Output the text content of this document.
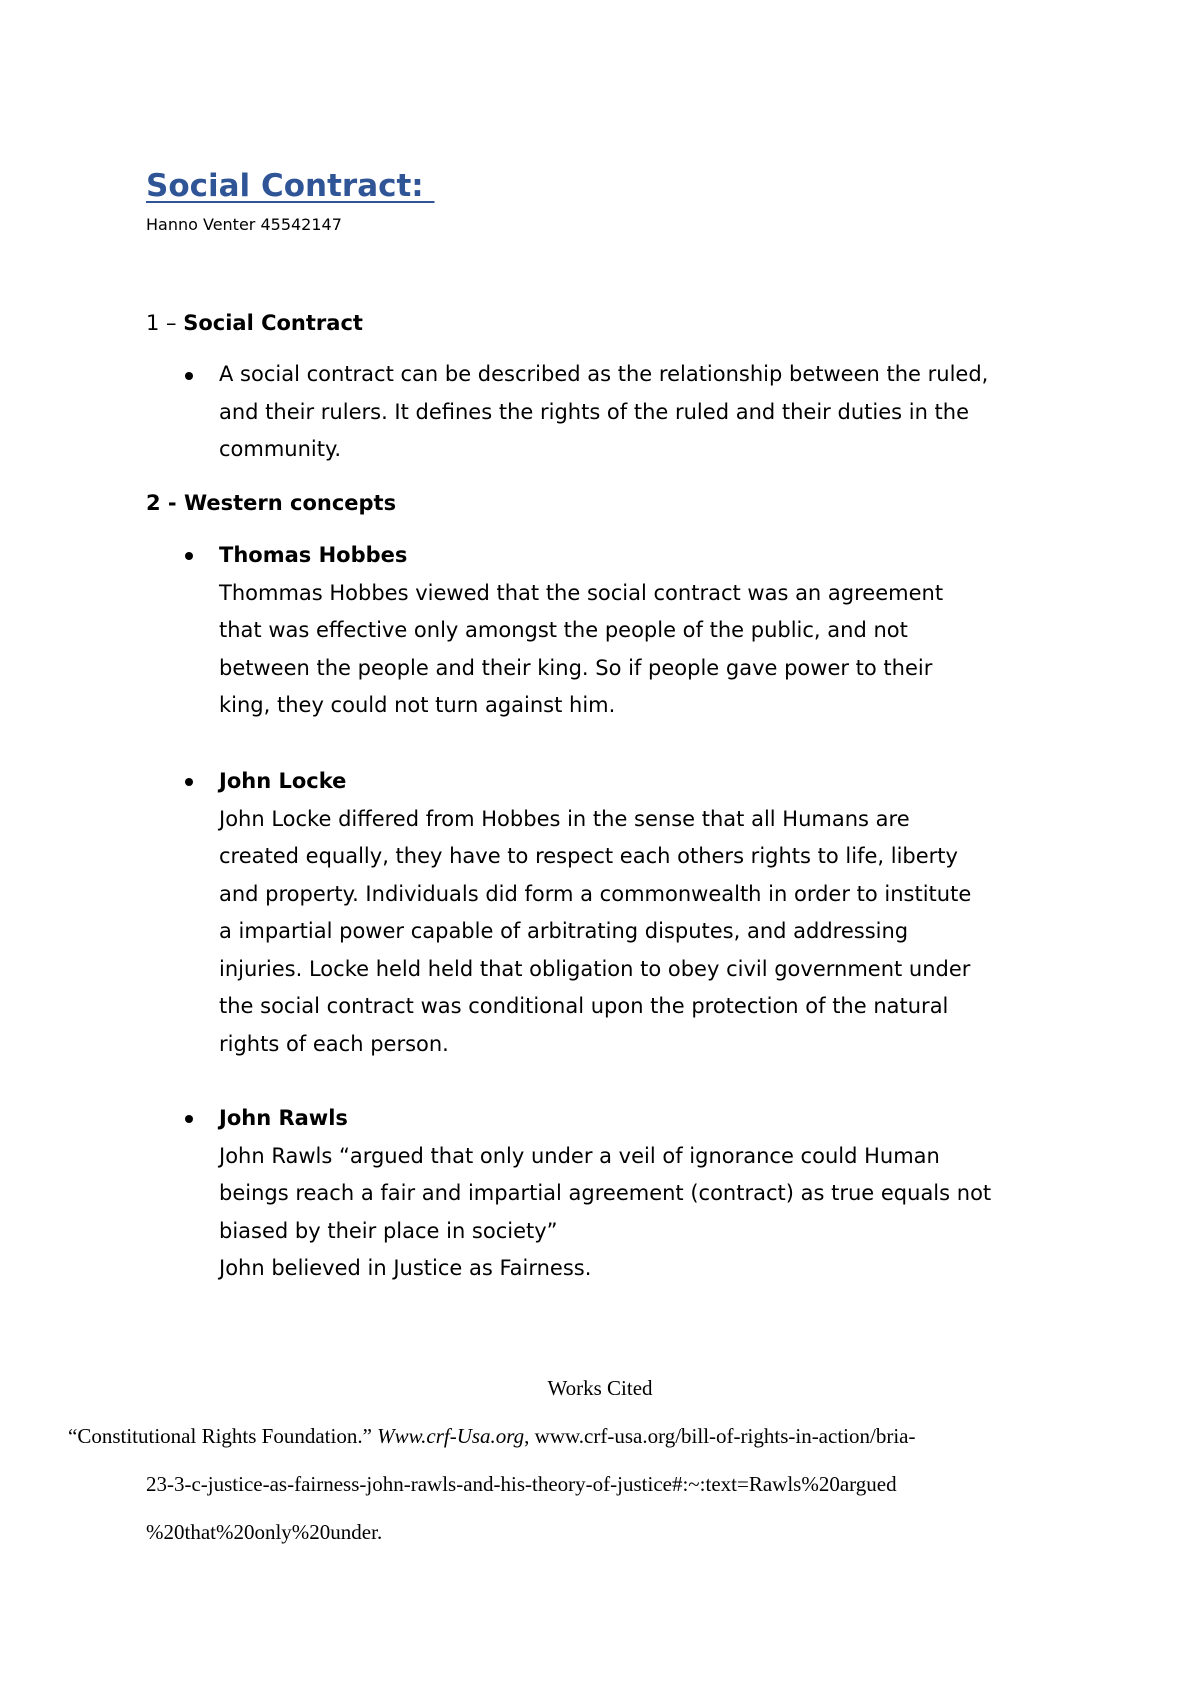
Social Contract:
Hanno Venter 45542147
1 – Social Contract
A social contract can be described as the relationship between the ruled,
and their rulers. It defines the rights of the ruled and their duties in the
community.
2 - Western concepts
Thomas Hobbes
Thommas Hobbes viewed that the social contract was an agreement
that was effective only amongst the people of the public, and not
between the people and their king. So if people gave power to their
king, they could not turn against him.
John Locke
John Locke differed from Hobbes in the sense that all Humans are
created equally, they have to respect each others rights to life, liberty
and property. Individuals did form a commonwealth in order to institute
a impartial power capable of arbitrating disputes, and addressing
injuries. Locke held held that obligation to obey civil government under
the social contract was conditional upon the protection of the natural
rights of each person.
John Rawls
John Rawls “argued that only under a veil of ignorance could Human
beings reach a fair and impartial agreement (contract) as true equals not
biased by their place in society”
John believed in Justice as Fairness.
Works Cited
“Constitutional Rights Foundation.” Www.crf-Usa.org, www.crf-usa.org/bill-of-rights-in-action/bria-
23-3-c-justice-as-fairness-john-rawls-and-his-theory-of-justice#:~:text=Rawls%20argued
%20that%20only%20under.
